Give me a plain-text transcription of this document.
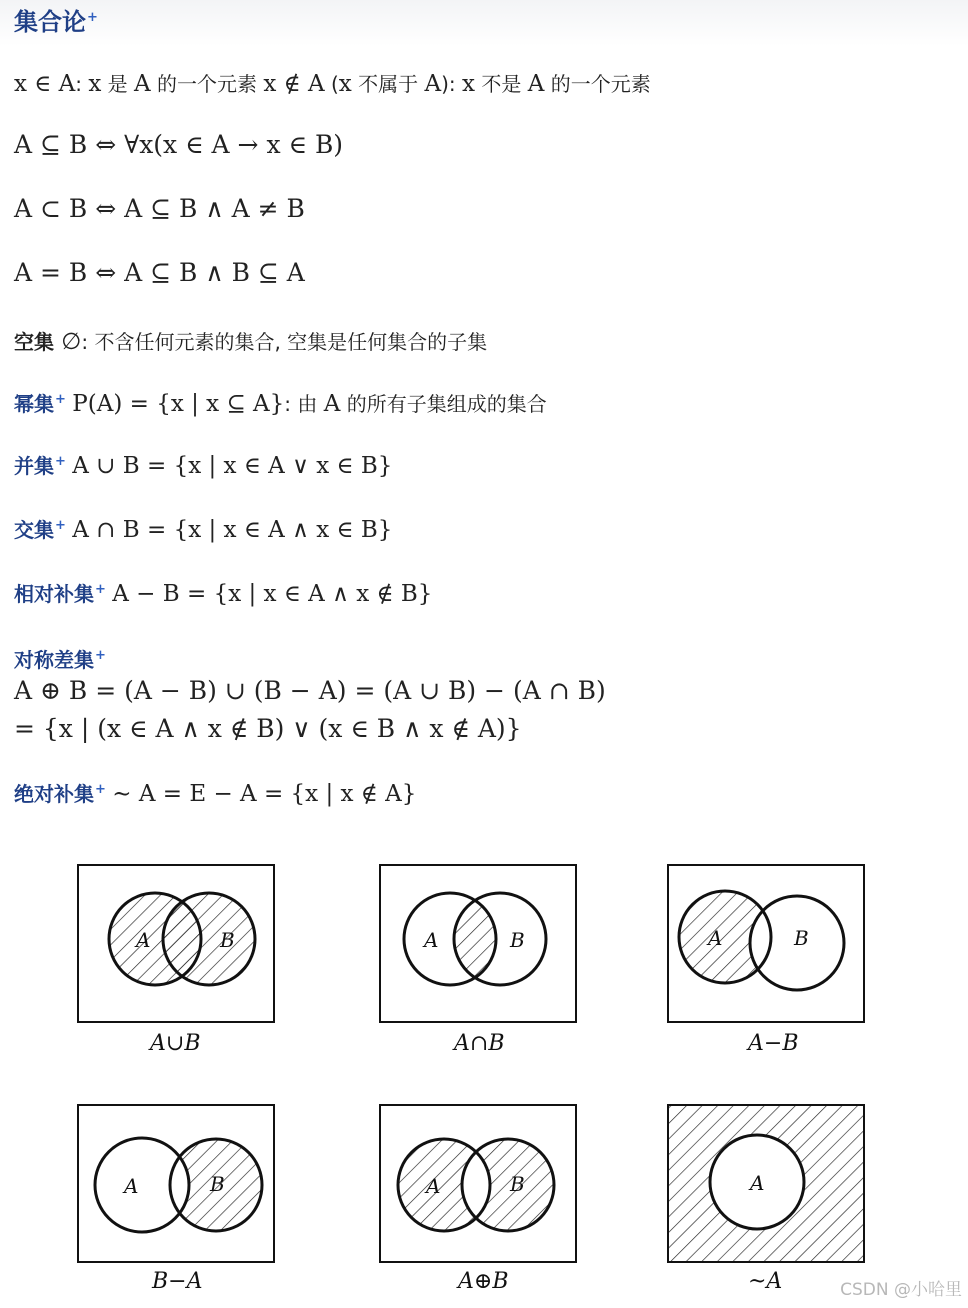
集合论+
x ∈ A: x 是 A 的一个元素 x ∉ A (x 不属于 A): x 不是 A 的一个元素
A ⊆ B ⇔ ∀x(x ∈ A → x ∈ B)
A ⊂ B ⇔ A ⊆ B ∧ A ≠ B
A = B ⇔ A ⊆ B ∧ B ⊆ A
空集 ∅: 不含任何元素的集合, 空集是任何集合的子集
幂集+ P(A) = {x | x ⊆ A}: 由 A 的所有子集组成的集合
并集+ A ∪ B = {x | x ∈ A ∨ x ∈ B}
交集+ A ∩ B = {x | x ∈ A ∧ x ∈ B}
相对补集+ A − B = {x | x ∈ A ∧ x ∉ B}
对称差集+
A ⊕ B = (A − B) ∪ (B − A) = (A ∪ B) − (A ∩ B)
= {x | (x ∈ A ∧ x ∉ B) ∨ (x ∈ B ∧ x ∉ A)}
绝对补集+ ∼ A = E − A = {x | x ∉ A}
A	B
A∪B
A	B
A∩B
A	B
A−B
A	B
B−A
A	B
A⊕B
A
~A	CSDN @小哈里
